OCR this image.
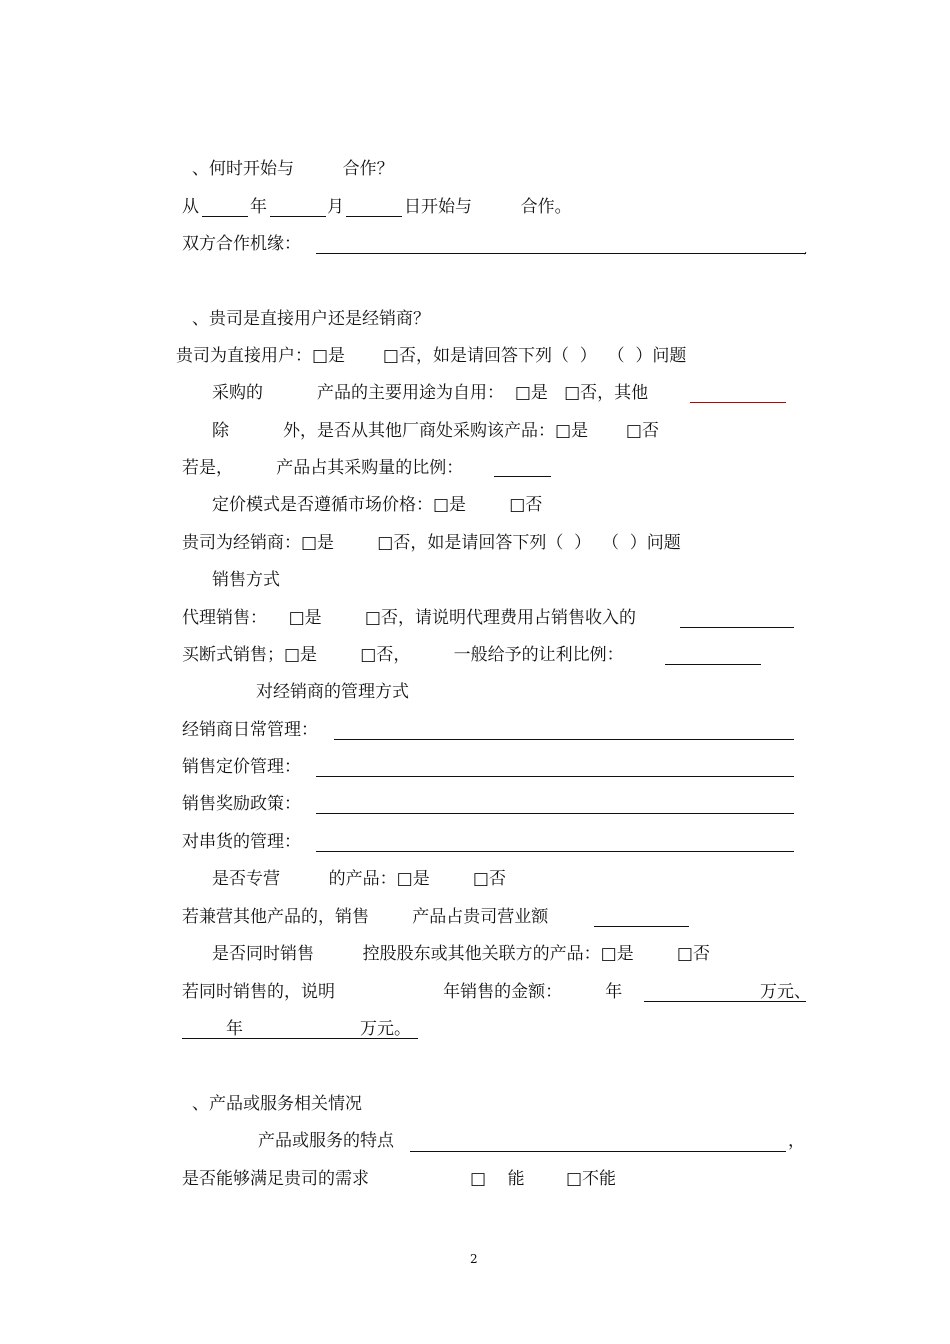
、何时开始与         合作？
从	年	月	日开始与         合作。
双方合作机缘：	,
、贵司是直接用户还是经销商？
贵司为直接用户：□是       □否，如是请回答下列（  ）  （  ）问题
采购的          产品的主要用途为自用：  □是   □否，其他
除          外，是否从其他厂商处采购该产品：□是       □否
若是，        产品占其采购量的比例：
定价模式是否遵循市场价格：□是        □否
贵司为经销商：□是        □否，如是请回答下列（  ）  （  ）问题
销售方式
代理销售：    □是        □否，请说明代理费用占销售收入的
买断式销售；□是        □否，        一般给予的让利比例：
对经销商的管理方式
经销商日常管理：
销售定价管理：
销售奖励政策：
对串货的管理：
是否专营         的产品：□是        □否
若兼营其他产品的，销售        产品占贵司营业额
是否同时销售         控股股东或其他关联方的产品：□是        □否
若同时销售的，说明                    年销售的金额：        年	万元、
年	万元。
、产品或服务相关情况
产品或服务的特点	，
是否能够满足贵司的需求	□    能 □不能
2
